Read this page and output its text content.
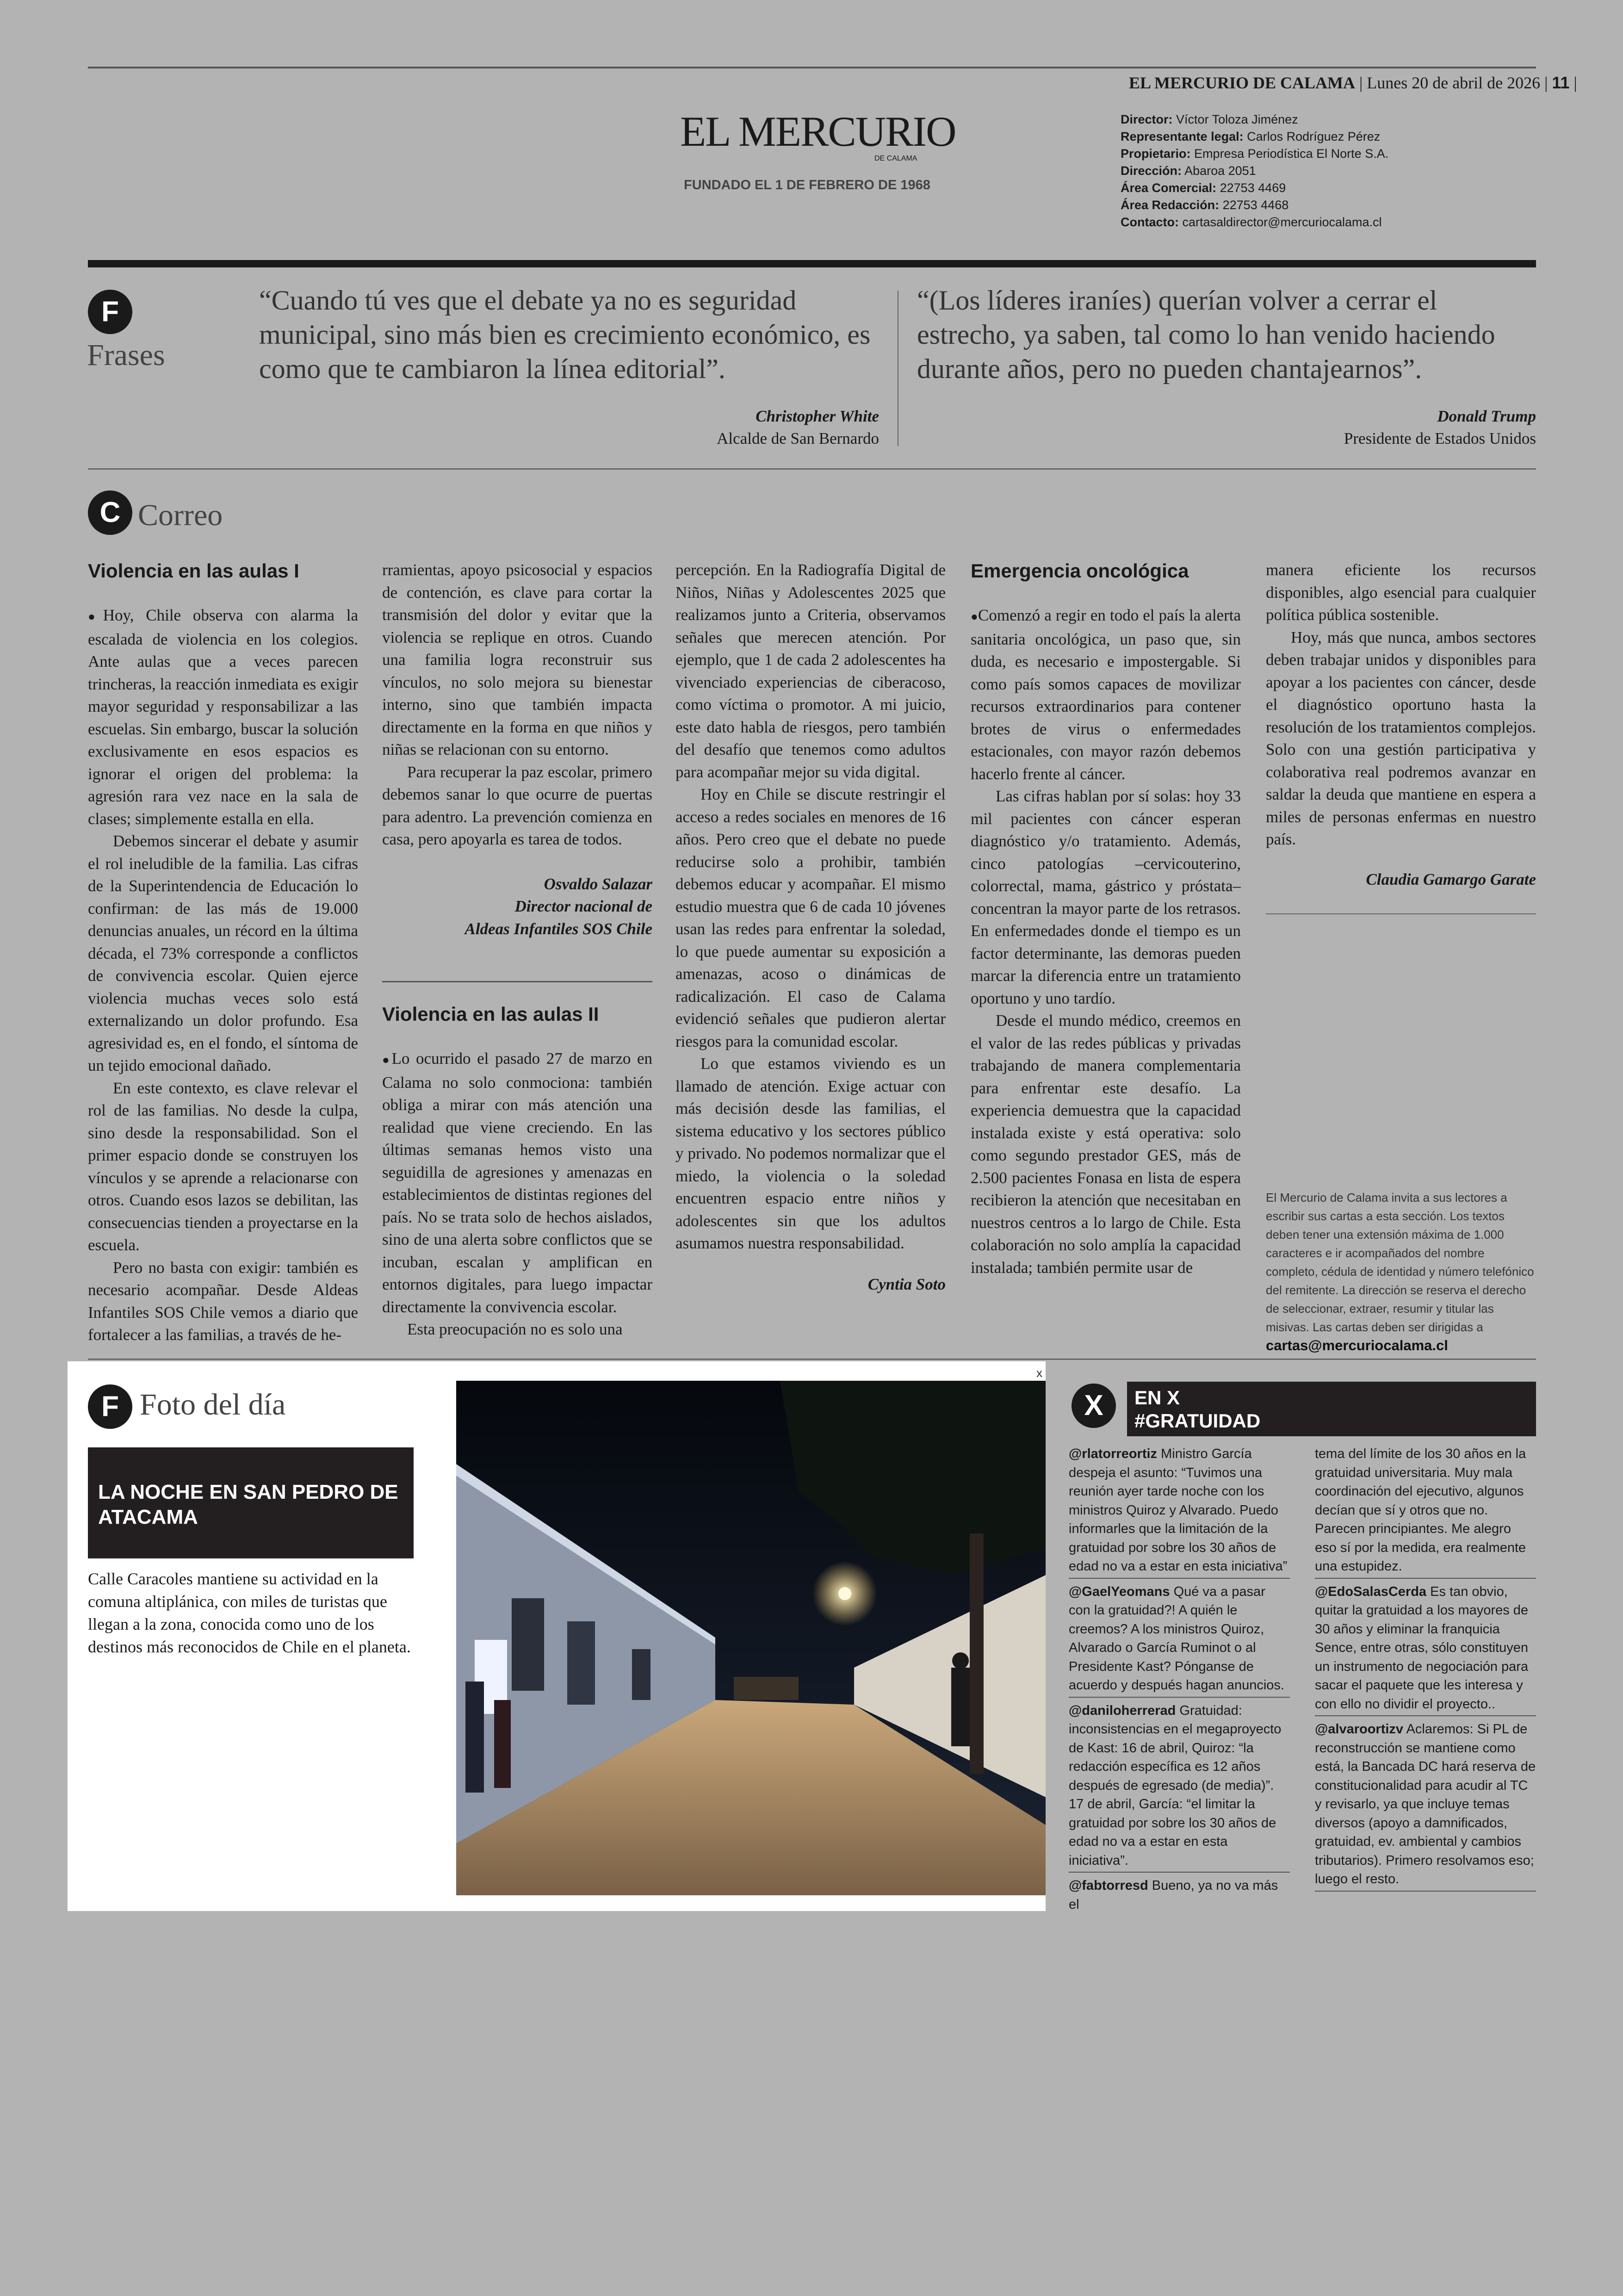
EL MERCURIO DE CALAMA | Lunes 20 de abril de 2026 | 11 |
EL MERCURIO
DE CALAMA
FUNDADO EL 1 DE FEBRERO DE 1968
Director: Víctor Toloza Jiménez
Representante legal: Carlos Rodríguez Pérez
Propietario: Empresa Periodística El Norte S.A.
Dirección: Abaroa 2051
Área Comercial: 22753 4469
Área Redacción: 22753 4468
Contacto: cartasaldirector@mercuriocalama.cl
F
Frases
“Cuando tú ves que el debate ya no es seguridad municipal, sino más bien es crecimiento económico, es como que te cambiaron la línea editorial”.
Christopher White
Alcalde de San Bernardo
“(Los líderes iraníes) querían volver a cerrar el estrecho, ya saben, tal como lo han venido haciendo durante años, pero no pueden chantajearnos”.
Donald Trump
Presidente de Estados Unidos
C Correo
Violencia en las aulas I

● Hoy, Chile observa con alarma la escalada de violencia en los colegios. Ante aulas que a veces parecen trincheras, la reacción inmediata es exigir mayor seguridad y responsabilizar a las escuelas. Sin embargo, buscar la solución exclusivamente en esos espacios es ignorar el origen del problema: la agresión rara vez nace en la sala de clases; simplemente estalla en ella.

Debemos sincerar el debate y asumir el rol ineludible de la familia. Las cifras de la Superintendencia de Educación lo confirman: de las más de 19.000 denuncias anuales, un récord en la última década, el 73% corresponde a conflictos de convivencia escolar. Quien ejerce violencia muchas veces solo está externalizando un dolor profundo. Esa agresividad es, en el fondo, el síntoma de un tejido emocional dañado.

En este contexto, es clave relevar el rol de las familias. No desde la culpa, sino desde la responsabilidad. Son el primer espacio donde se construyen los vínculos y se aprende a relacionarse con otros. Cuando esos lazos se debilitan, las consecuencias tienden a proyectarse en la escuela.

Pero no basta con exigir: también es necesario acompañar. Desde Aldeas Infantiles SOS Chile vemos a diario que fortalecer a las familias, a través de he-

rramientas, apoyo psicosocial y espacios de contención, es clave para cortar la transmisión del dolor y evitar que la violencia se replique en otros. Cuando una familia logra reconstruir sus vínculos, no solo mejora su bienestar interno, sino que también impacta directamente en la forma en que niños y niñas se relacionan con su entorno.

Para recuperar la paz escolar, primero debemos sanar lo que ocurre de puertas para adentro. La prevención comienza en casa, pero apoyarla es tarea de todos.

Osvaldo Salazar
Director nacional de
Aldeas Infantiles SOS Chile
Violencia en las aulas II

● Lo ocurrido el pasado 27 de marzo en Calama no solo conmociona: también obliga a mirar con más atención una realidad que viene creciendo. En las últimas semanas hemos visto una seguidilla de agresiones y amenazas en establecimientos de distintas regiones del país. No se trata solo de hechos aislados, sino de una alerta sobre conflictos que se incuban, escalan y amplifican en entornos digitales, para luego impactar directamente la convivencia escolar.

Esta preocupación no es solo una

percepción. En la Radiografía Digital de Niños, Niñas y Adolescentes 2025 que realizamos junto a Criteria, observamos señales que merecen atención. Por ejemplo, que 1 de cada 2 adolescentes ha vivenciado experiencias de ciberacoso, como víctima o promotor. A mi juicio, este dato habla de riesgos, pero también del desafío que tenemos como adultos para acompañar mejor su vida digital.

Hoy en Chile se discute restringir el acceso a redes sociales en menores de 16 años. Pero creo que el debate no puede reducirse solo a prohibir, también debemos educar y acompañar. El mismo estudio muestra que 6 de cada 10 jóvenes usan las redes para enfrentar la soledad, lo que puede aumentar su exposición a amenazas, acoso o dinámicas de radicalización. El caso de Calama evidenció señales que pudieron alertar riesgos para la comunidad escolar.

Lo que estamos viviendo es un llamado de atención. Exige actuar con más decisión desde las familias, el sistema educativo y los sectores público y privado. No podemos normalizar que el miedo, la violencia o la soledad encuentren espacio entre niños y adolescentes sin que los adultos asumamos nuestra responsabilidad.

Cyntia Soto
Emergencia oncológica

● Comenzó a regir en todo el país la alerta sanitaria oncológica, un paso que, sin duda, es necesario e impostergable. Si como país somos capaces de movilizar recursos extraordinarios para contener brotes de virus o enfermedades estacionales, con mayor razón debemos hacerlo frente al cáncer.

Las cifras hablan por sí solas: hoy 33 mil pacientes con cáncer esperan diagnóstico y/o tratamiento. Además, cinco patologías –cervicouterino, colorrectal, mama, gástrico y próstata– concentran la mayor parte de los retrasos. En enfermedades donde el tiempo es un factor determinante, las demoras pueden marcar la diferencia entre un tratamiento oportuno y uno tardío.

Desde el mundo médico, creemos en el valor de las redes públicas y privadas trabajando de manera complementaria para enfrentar este desafío. La experiencia demuestra que la capacidad instalada existe y está operativa: solo como segundo prestador GES, más de 2.500 pacientes Fonasa en lista de espera recibieron la atención que necesitaban en nuestros centros a lo largo de Chile. Esta colaboración no solo amplía la capacidad instalada; también permite usar de

manera eficiente los recursos disponibles, algo esencial para cualquier política pública sostenible.

Hoy, más que nunca, ambos sectores deben trabajar unidos y disponibles para apoyar a los pacientes con cáncer, desde el diagnóstico oportuno hasta la resolución de los tratamientos complejos. Solo con una gestión participativa y colaborativa real podremos avanzar en saldar la deuda que mantiene en espera a miles de personas enfermas en nuestro país.

Claudia Gamargo Garate
El Mercurio de Calama invita a sus lectores a escribir sus cartas a esta sección. Los textos deben tener una extensión máxima de 1.000 caracteres e ir acompañados del nombre completo, cédula de identidad y número telefónico del remitente. La dirección se reserva el derecho de seleccionar, extraer, resumir y titular las misivas. Las cartas deben ser dirigidas a cartas@mercuriocalama.cl
F Foto del día
LA NOCHE EN SAN PEDRO DE ATACAMA
Calle Caracoles mantiene su actividad en la comuna altiplánica, con miles de turistas que llegan a la zona, conocida como uno de los destinos más reconocidos de Chile en el planeta.
x
X	EN X
#GRATUIDAD
@rlatorreortiz Ministro García despeja el asunto: “Tuvimos una reunión ayer tarde noche con los ministros Quiroz y Alvarado. Puedo informarles que la limitación de la gratuidad por sobre los 30 años de edad no va a estar en esta iniciativa”
@GaelYeomans Qué va a pasar con la gratuidad?! A quién le creemos? A los ministros Quiroz, Alvarado o García Ruminot o al Presidente Kast? Pónganse de acuerdo y después hagan anuncios.
@daniloherrerad Gratuidad: inconsistencias en el megaproyecto de Kast: 16 de abril, Quiroz: “la redacción específica es 12 años después de egresado (de media)”. 17 de abril, García: “el limitar la gratuidad por sobre los 30 años de edad no va a estar en esta iniciativa”.
@fabtorresd Bueno, ya no va más el
tema del límite de los 30 años en la gratuidad universitaria. Muy mala coordinación del ejecutivo, algunos decían que sí y otros que no. Parecen principiantes. Me alegro eso sí por la medida, era realmente una estupidez.
@EdoSalasCerda Es tan obvio, quitar la gratuidad a los mayores de 30 años y eliminar la franquicia Sence, entre otras, sólo constituyen un instrumento de negociación para sacar el paquete que les interesa y con ello no dividir el proyecto..
@alvaroortizv Aclaremos: Si PL de reconstrucción se mantiene como está, la Bancada DC hará reserva de constitucionalidad para acudir al TC y revisarlo, ya que incluye temas diversos (apoyo a damnificados, gratuidad, ev. ambiental y cambios tributarios). Primero resolvamos eso; luego el resto.
